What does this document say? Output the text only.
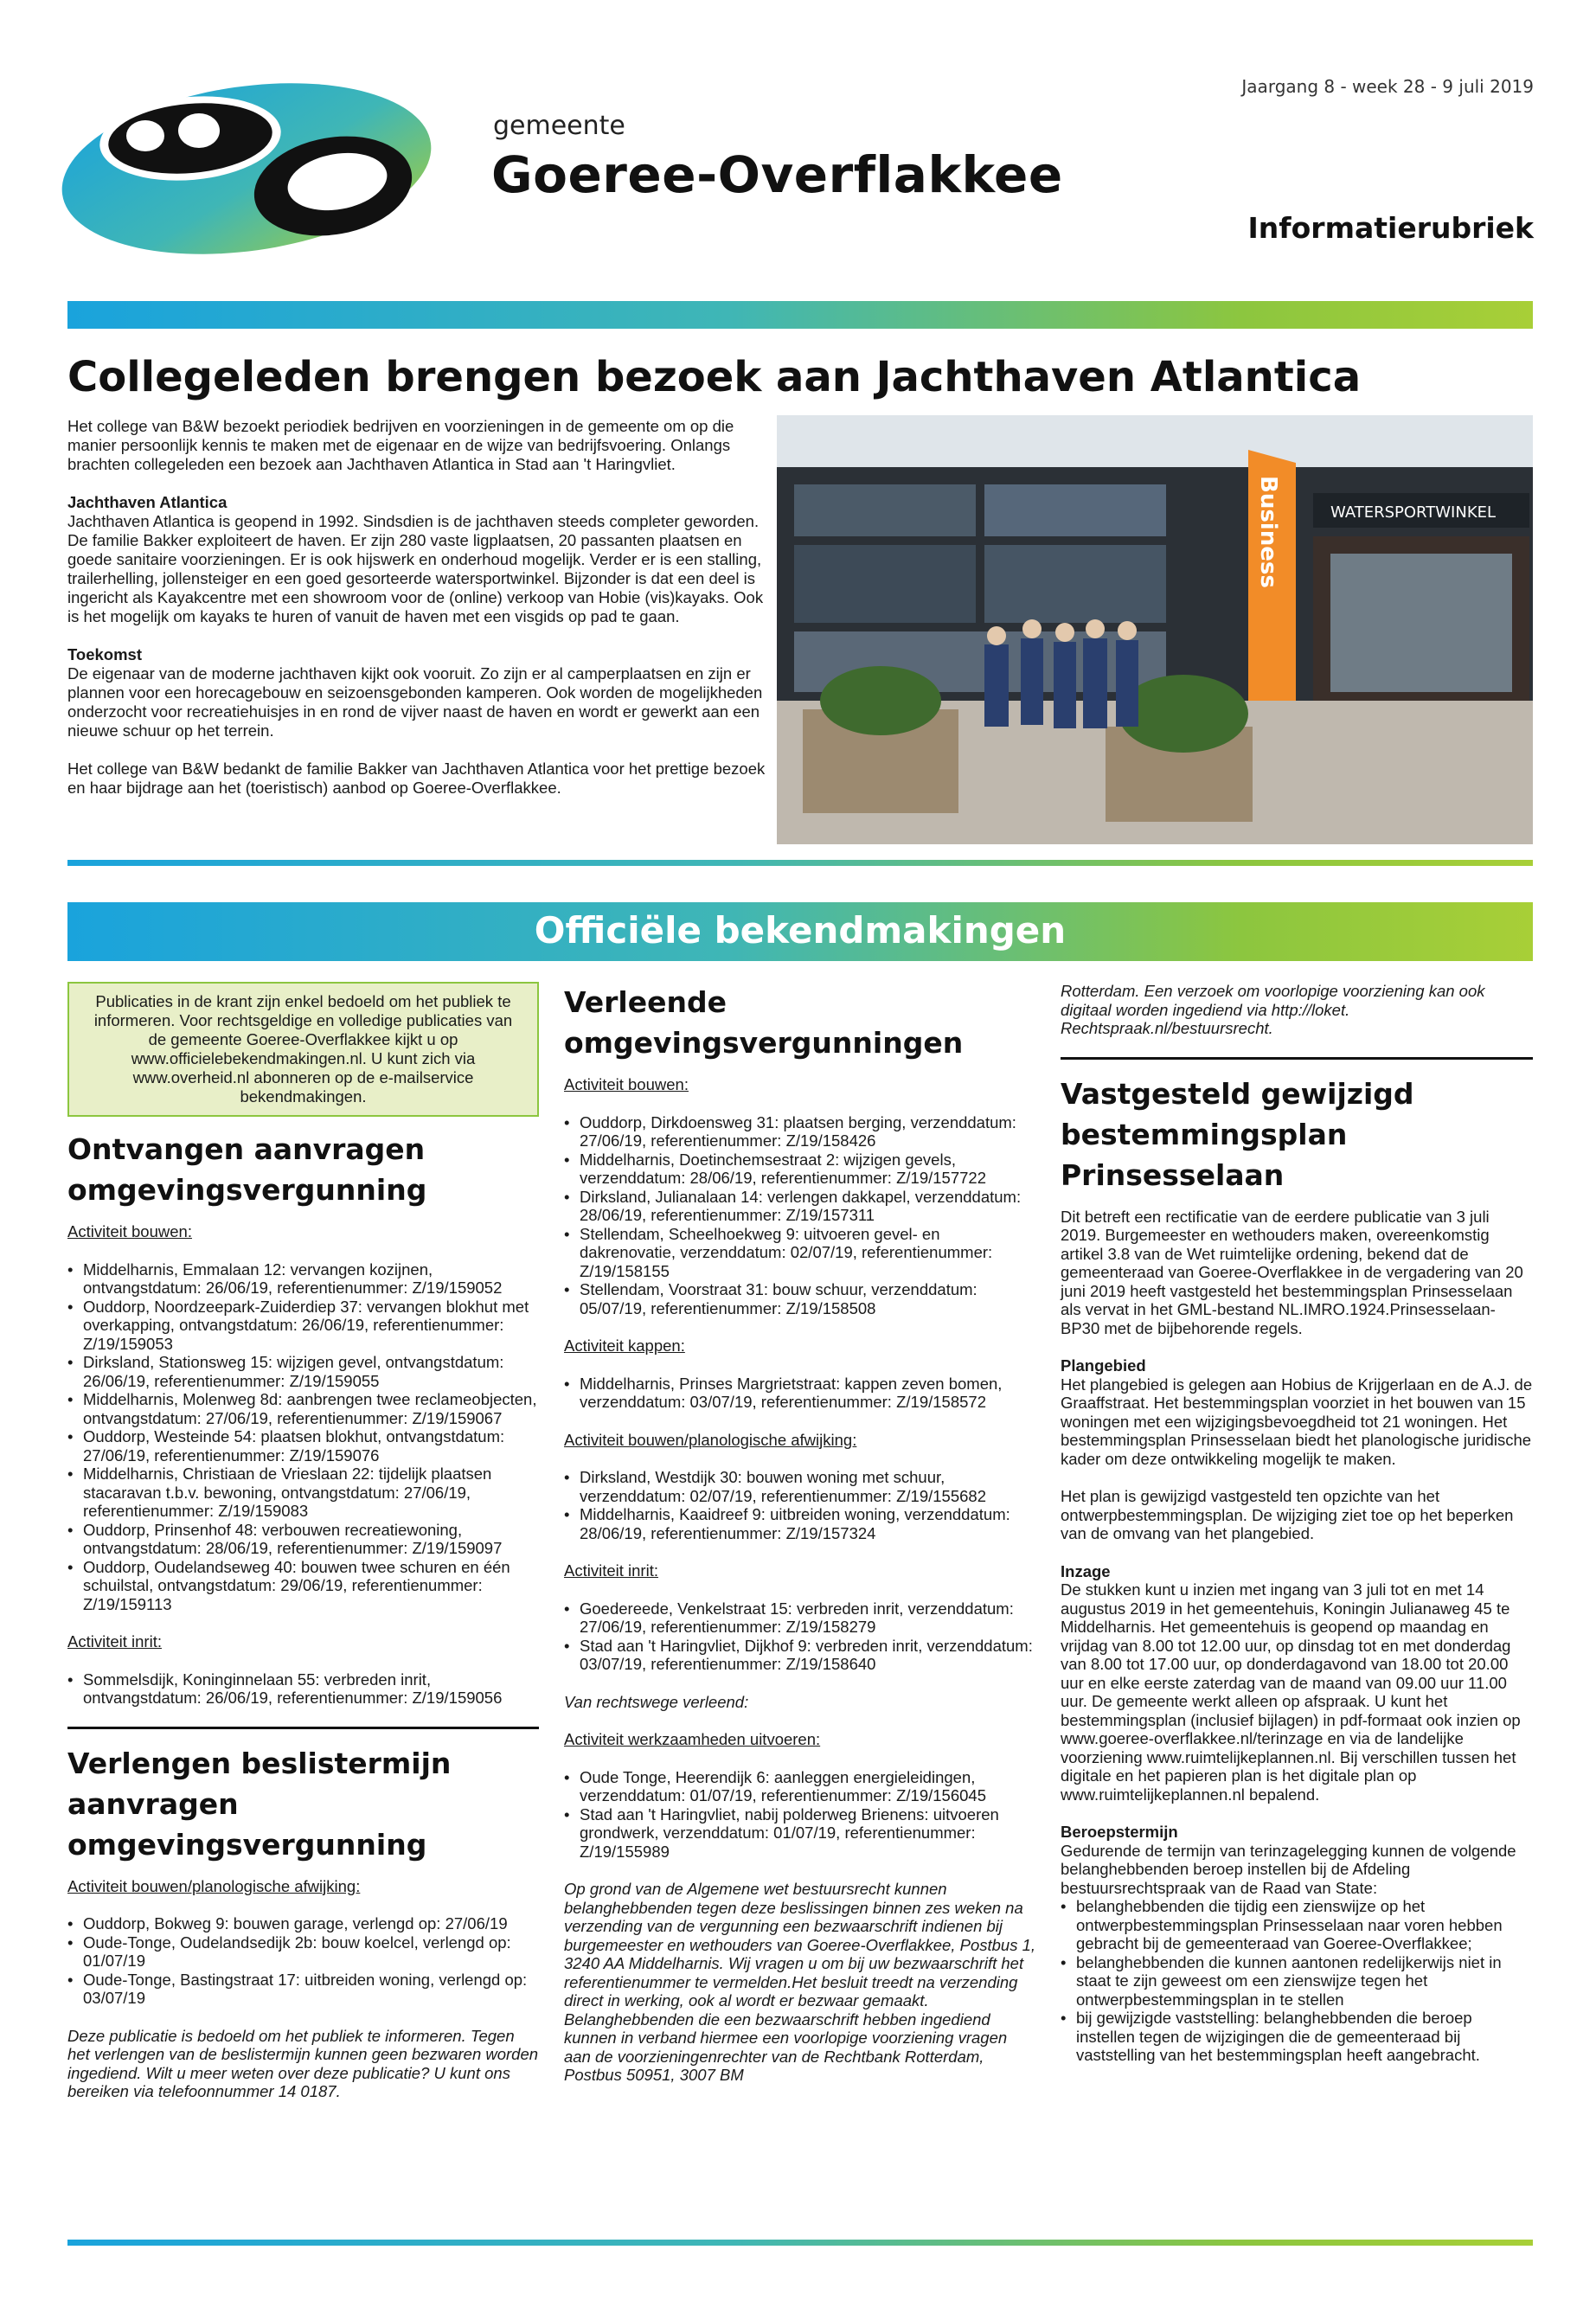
Jaargang 8 - week 28 - 9 juli 2019
gemeente
Goeree-Overflakkee
Informatierubriek
Collegeleden brengen bezoek aan Jachthaven Atlantica

Het college van B&W bezoekt periodiek bedrijven en voorzieningen in de gemeente om op die manier persoonlijk kennis te maken met de eigenaar en de wijze van bedrijfsvoering. Onlangs brachten collegeleden een bezoek aan Jachthaven Atlantica in Stad aan 't Haringvliet.

Jachthaven Atlantica
Jachthaven Atlantica is geopend in 1992. Sindsdien is de jachthaven steeds completer geworden. De familie Bakker exploiteert de haven. Er zijn 280 vaste ligplaatsen, 20 passanten plaatsen en goede sanitaire voorzieningen. Er is ook hijswerk en onderhoud mogelijk. Verder er is een stalling, trailerhelling, jollensteiger en een goed gesorteerde watersportwinkel. Bijzonder is dat een deel is ingericht als Kayakcentre met een showroom voor de (online) verkoop van Hobie (vis)kayaks. Ook is het mogelijk om kayaks te huren of vanuit de haven met een visgids op pad te gaan.

Toekomst
De eigenaar van de moderne jachthaven kijkt ook vooruit. Zo zijn er al camperplaatsen en zijn er plannen voor een horecagebouw en seizoensgebonden kamperen. Ook worden de mogelijkheden onderzocht voor recreatiehuisjes in en rond de vijver naast de haven en wordt er gewerkt aan een nieuwe schuur op het terrein.

Het college van B&W bedankt de familie Bakker van Jachthaven Atlantica voor het prettige bezoek en haar bijdrage aan het (toeristisch) aanbod op Goeree-Overflakkee.

WATERSPORTWINKEL
Business
Officiële bekendmakingen
Publicaties in de krant zijn enkel bedoeld om het publiek te informeren. Voor rechtsgeldige en volledige publicaties van de gemeente Goeree-Overflakkee kijkt u op www.officielebekendmakingen.nl. U kunt zich via www.overheid.nl abonneren op de e-mailservice bekendmakingen.
Ontvangen aanvragen omgevingsvergunning
Activiteit bouwen:
• Middelharnis, Emmalaan 12: vervangen kozijnen, ontvangstdatum: 26/06/19, referentienummer: Z/19/159052
• Ouddorp, Noordzeepark-Zuiderdiep 37: vervangen blokhut met overkapping, ontvangstdatum: 26/06/19, referentienummer: Z/19/159053
• Dirksland, Stationsweg 15: wijzigen gevel, ontvangstdatum: 26/06/19, referentienummer: Z/19/159055
• Middelharnis, Molenweg 8d: aanbrengen twee reclameobjecten, ontvangstdatum: 27/06/19, referentienummer: Z/19/159067
• Ouddorp, Westeinde 54: plaatsen blokhut, ontvangstdatum: 27/06/19, referentienummer: Z/19/159076
• Middelharnis, Christiaan de Vrieslaan 22: tijdelijk plaatsen stacaravan t.b.v. bewoning, ontvangstdatum: 27/06/19, referentienummer: Z/19/159083
• Ouddorp, Prinsenhof 48: verbouwen recreatiewoning, ontvangstdatum: 28/06/19, referentienummer: Z/19/159097
• Ouddorp, Oudelandseweg 40: bouwen twee schuren en één schuilstal, ontvangstdatum: 29/06/19, referentienummer: Z/19/159113
Activiteit inrit:
• Sommelsdijk, Koninginnelaan 55: verbreden inrit, ontvangstdatum: 26/06/19, referentienummer: Z/19/159056
Verlengen beslistermijn aanvragen omgevingsvergunning
Activiteit bouwen/planologische afwijking:
• Ouddorp, Bokweg 9: bouwen garage, verlengd op: 27/06/19
• Oude-Tonge, Oudelandsedijk 2b: bouw koelcel, verlengd op: 01/07/19
• Oude-Tonge, Bastingstraat 17: uitbreiden woning, verlengd op: 03/07/19
Deze publicatie is bedoeld om het publiek te informeren. Tegen het verlengen van de beslistermijn kunnen geen bezwaren worden ingediend. Wilt u meer weten over deze publicatie? U kunt ons bereiken via telefoonnummer 14 0187.
Verleende omgevingsvergunningen
Activiteit bouwen:
• Ouddorp, Dirkdoensweg 31: plaatsen berging, verzenddatum: 27/06/19, referentienummer: Z/19/158426
• Middelharnis, Doetinchemsestraat 2: wijzigen gevels, verzenddatum: 28/06/19, referentienummer: Z/19/157722
• Dirksland, Julianalaan 14: verlengen dakkapel, verzenddatum: 28/06/19, referentienummer: Z/19/157311
• Stellendam, Scheelhoekweg 9: uitvoeren gevel- en dakrenovatie, verzenddatum: 02/07/19, referentienummer: Z/19/158155
• Stellendam, Voorstraat 31: bouw schuur, verzenddatum: 05/07/19, referentienummer: Z/19/158508
Activiteit kappen:
• Middelharnis, Prinses Margrietstraat: kappen zeven bomen, verzenddatum: 03/07/19, referentienummer: Z/19/158572
Activiteit bouwen/planologische afwijking:
• Dirksland, Westdijk 30: bouwen woning met schuur, verzenddatum: 02/07/19, referentienummer: Z/19/155682
• Middelharnis, Kaaidreef 9: uitbreiden woning, verzenddatum: 28/06/19, referentienummer: Z/19/157324
Activiteit inrit:
• Goedereede, Venkelstraat 15: verbreden inrit, verzenddatum: 27/06/19, referentienummer: Z/19/158279
• Stad aan 't Haringvliet, Dijkhof 9: verbreden inrit, verzenddatum: 03/07/19, referentienummer: Z/19/158640
Van rechtswege verleend:
Activiteit werkzaamheden uitvoeren:
• Oude Tonge, Heerendijk 6: aanleggen energieleidingen, verzenddatum: 01/07/19, referentienummer: Z/19/156045
• Stad aan 't Haringvliet, nabij polderweg Brienens: uitvoeren grondwerk, verzenddatum: 01/07/19, referentienummer: Z/19/155989
Op grond van de Algemene wet bestuursrecht kunnen belanghebbenden tegen deze beslissingen binnen zes weken na verzending van de vergunning een bezwaarschrift indienen bij burgemeester en wethouders van Goeree-Overflakkee, Postbus 1, 3240 AA Middelharnis. Wij vragen u om bij uw bezwaarschrift het referentienummer te vermelden.Het besluit treedt na verzending direct in werking, ook al wordt er bezwaar gemaakt. Belanghebbenden die een bezwaarschrift hebben ingediend kunnen in verband hiermee een voorlopige voorziening vragen aan de voorzieningenrechter van de Rechtbank Rotterdam, Postbus 50951, 3007 BM
Rotterdam. Een verzoek om voorlopige voorziening kan ook digitaal worden ingediend via http://loket. Rechtspraak.nl/bestuursrecht.
Vastgesteld gewijzigd bestemmingsplan Prinsesselaan
Dit betreft een rectificatie van de eerdere publicatie van 3 juli 2019. Burgemeester en wethouders maken, overeenkomstig artikel 3.8 van de Wet ruimtelijke ordening, bekend dat de gemeenteraad van Goeree-Overflakkee in de vergadering van 20 juni 2019 heeft vastgesteld het bestemmingsplan Prinsesselaan als vervat in het GML-bestand NL.IMRO.1924.Prinsesselaan-BP30 met de bijbehorende regels.
Plangebied
Het plangebied is gelegen aan Hobius de Krijgerlaan en de A.J. de Graaffstraat. Het bestemmingsplan voorziet in het bouwen van 15 woningen met een wijzigingsbevoegdheid tot 21 woningen. Het bestemmingsplan Prinsesselaan biedt het planologische juridische kader om deze ontwikkeling mogelijk te maken.
Het plan is gewijzigd vastgesteld ten opzichte van het ontwerpbestemmingsplan. De wijziging ziet toe op het beperken van de omvang van het plangebied.
Inzage
De stukken kunt u inzien met ingang van 3 juli tot en met 14 augustus 2019 in het gemeentehuis, Koningin Julianaweg 45 te Middelharnis. Het gemeentehuis is geopend op maandag en vrijdag van 8.00 tot 12.00 uur, op dinsdag tot en met donderdag van 8.00 tot 17.00 uur, op donderdagavond van 18.00 tot 20.00 uur en elke eerste zaterdag van de maand van 09.00 uur 11.00 uur. De gemeente werkt alleen op afspraak. U kunt het bestemmingsplan (inclusief bijlagen) in pdf-formaat ook inzien op www.goeree-overflakkee.nl/terinzage en via de landelijke voorziening www.ruimtelijkeplannen.nl. Bij verschillen tussen het digitale en het papieren plan is het digitale plan op www.ruimtelijkeplannen.nl bepalend.
Beroepstermijn
Gedurende de termijn van terinzagelegging kunnen de volgende belanghebbenden beroep instellen bij de Afdeling bestuursrechtspraak van de Raad van State:
• belanghebbenden die tijdig een zienswijze op het ontwerpbestemmingsplan Prinsesselaan naar voren hebben gebracht bij de gemeenteraad van Goeree-Overflakkee;
• belanghebbenden die kunnen aantonen redelijkerwijs niet in staat te zijn geweest om een zienswijze tegen het ontwerpbestemmingsplan in te stellen
• bij gewijzigde vaststelling: belanghebbenden die beroep instellen tegen de wijzigingen die de gemeenteraad bij vaststelling van het bestemmingsplan heeft aangebracht.
